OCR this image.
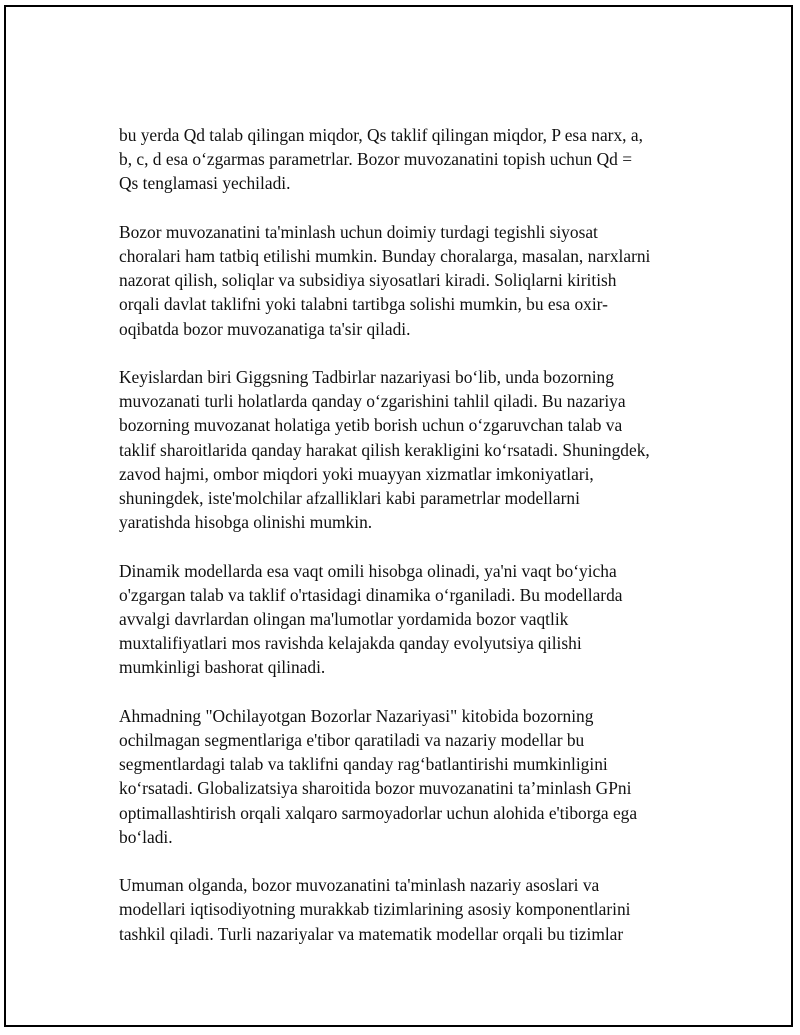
bu yerda Qd talab qilingan miqdor, Qs taklif qilingan miqdor, P esa narx, a,
b, c, d esa o‘zgarmas parametrlar. Bozor muvozanatini topish uchun Qd =
Qs tenglamasi yechiladi.

Bozor muvozanatini ta'minlash uchun doimiy turdagi tegishli siyosat
choralari ham tatbiq etilishi mumkin. Bunday choralarga, masalan, narxlarni
nazorat qilish, soliqlar va subsidiya siyosatlari kiradi. Soliqlarni kiritish
orqali davlat taklifni yoki talabni tartibga solishi mumkin, bu esa oxir-
oqibatda bozor muvozanatiga ta'sir qiladi.

Keyislardan biri Giggsning Tadbirlar nazariyasi bo‘lib, unda bozorning
muvozanati turli holatlarda qanday o‘zgarishini tahlil qiladi. Bu nazariya
bozorning muvozanat holatiga yetib borish uchun o‘zgaruvchan talab va
taklif sharoitlarida qanday harakat qilish kerakligini ko‘rsatadi. Shuningdek,
zavod hajmi, ombor miqdori yoki muayyan xizmatlar imkoniyatlari,
shuningdek, iste'molchilar afzalliklari kabi parametrlar modellarni
yaratishda hisobga olinishi mumkin.

Dinamik modellarda esa vaqt omili hisobga olinadi, ya'ni vaqt bo‘yicha
o'zgargan talab va taklif o'rtasidagi dinamika o‘rganiladi. Bu modellarda
avvalgi davrlardan olingan ma'lumotlar yordamida bozor vaqtlik
muxtalifiyatlari mos ravishda kelajakda qanday evolyutsiya qilishi
mumkinligi bashorat qilinadi.

Ahmadning "Ochilayotgan Bozorlar Nazariyasi" kitobida bozorning
ochilmagan segmentlariga e'tibor qaratiladi va nazariy modellar bu
segmentlardagi talab va taklifni qanday rag‘batlantirishi mumkinligini
ko‘rsatadi. Globalizatsiya sharoitida bozor muvozanatini ta’minlash GPni
optimallashtirish orqali xalqaro sarmoyadorlar uchun alohida e'tiborga ega
bo‘ladi.

Umuman olganda, bozor muvozanatini ta'minlash nazariy asoslari va
modellari iqtisodiyotning murakkab tizimlarining asosiy komponentlarini
tashkil qiladi. Turli nazariyalar va matematik modellar orqali bu tizimlar
